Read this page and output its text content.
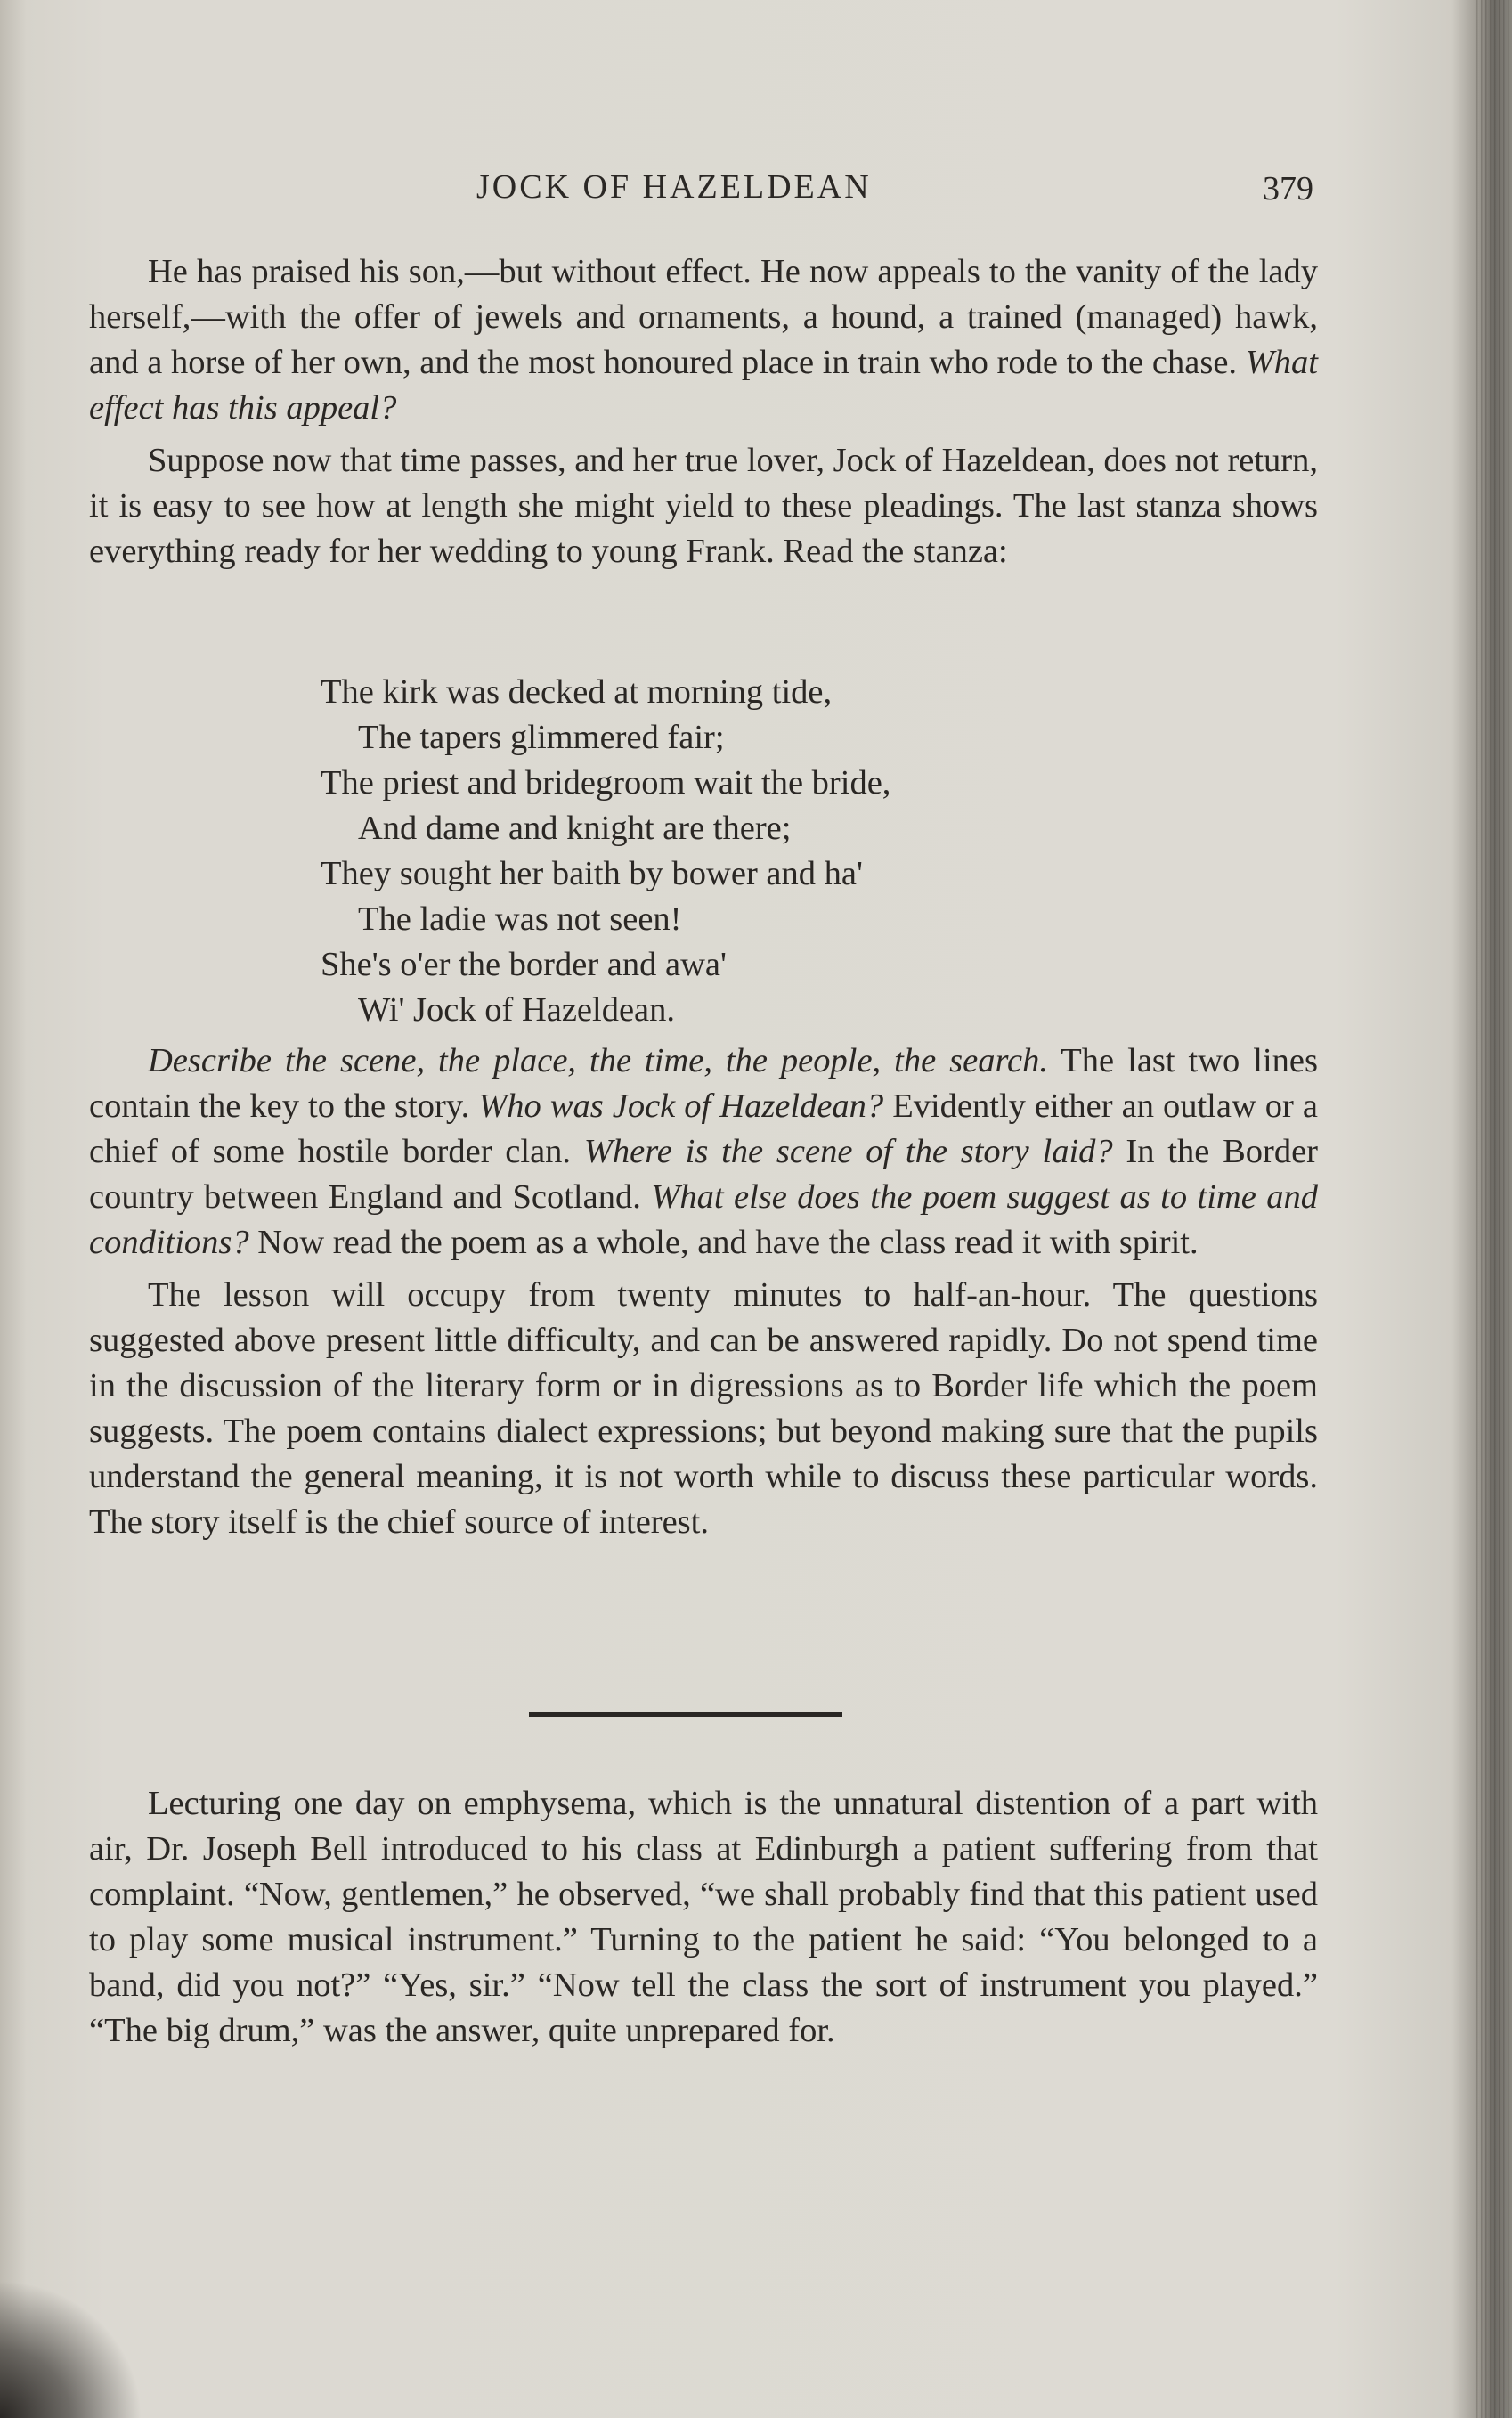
JOCK OF HAZELDEAN	379

He has praised his son,—but without effect. He now appeals to the vanity of the lady herself,—with the offer of jewels and ornaments, a hound, a trained (managed) hawk, and a horse of her own, and the most honoured place in train who rode to the chase. What effect has this appeal?

Suppose now that time passes, and her true lover, Jock of Hazeldean, does not return, it is easy to see how at length she might yield to these pleadings. The last stanza shows everything ready for her wedding to young Frank. Read the stanza:

The kirk was decked at morning tide,
The tapers glimmered fair;
The priest and bridegroom wait the bride,
And dame and knight are there;
They sought her baith by bower and ha'
The ladie was not seen!
She's o'er the border and awa'
Wi' Jock of Hazeldean.

Describe the scene, the place, the time, the people, the search. The last two lines contain the key to the story. Who was Jock of Hazeldean? Evidently either an outlaw or a chief of some hostile border clan. Where is the scene of the story laid? In the Border country between England and Scotland. What else does the poem suggest as to time and conditions? Now read the poem as a whole, and have the class read it with spirit.

The lesson will occupy from twenty minutes to half-an-hour. The questions suggested above present little difficulty, and can be answered rapidly. Do not spend time in the discussion of the literary form or in digressions as to Border life which the poem suggests. The poem contains dialect expressions; but beyond making sure that the pupils understand the general meaning, it is not worth while to discuss these particular words. The story itself is the chief source of interest.

Lecturing one day on emphysema, which is the unnatural distention of a part with air, Dr. Joseph Bell introduced to his class at Edinburgh a patient suffering from that complaint. “Now, gentlemen,” he observed, “we shall probably find that this patient used to play some musical instrument.” Turning to the patient he said: “You belonged to a band, did you not?” “Yes, sir.” “Now tell the class the sort of instrument you played.” “The big drum,” was the answer, quite unprepared for.
